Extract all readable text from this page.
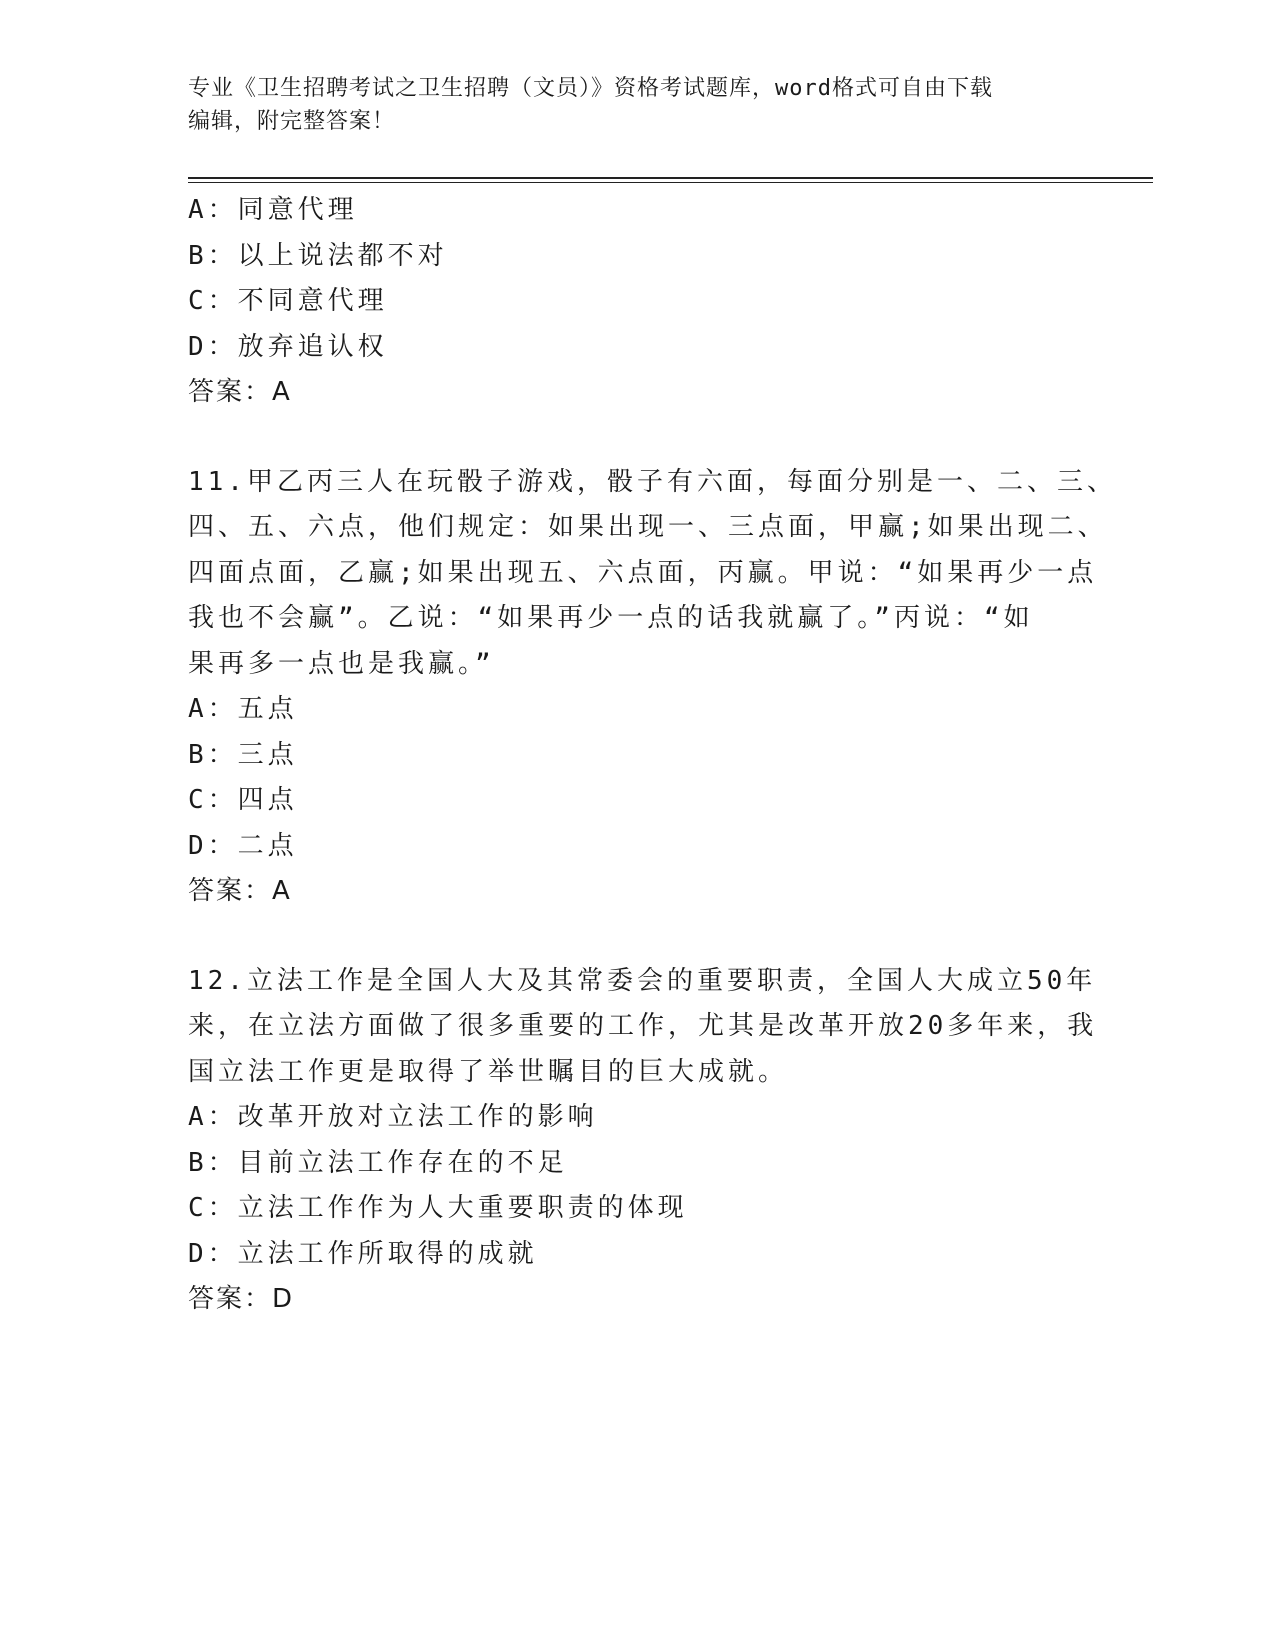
专业《卫生招聘考试之卫生招聘（文员）》资格考试题库，word格式可自由下载
编辑，附完整答案！
A：同意代理
B：以上说法都不对
C：不同意代理
D：放弃追认权
答案：A
11.甲乙丙三人在玩骰子游戏，骰子有六面，每面分别是一、二、三、
四、五、六点，他们规定：如果出现一、三点面，甲赢;如果出现二、
四面点面，乙赢;如果出现五、六点面，丙赢。甲说：“如果再少一点
我也不会赢”。乙说：“如果再少一点的话我就赢了。”丙说：“如
果再多一点也是我赢。”
A：五点
B：三点
C：四点
D：二点
答案：A
12.立法工作是全国人大及其常委会的重要职责，全国人大成立50年
来，在立法方面做了很多重要的工作，尤其是改革开放20多年来，我
国立法工作更是取得了举世瞩目的巨大成就。
A：改革开放对立法工作的影响
B：目前立法工作存在的不足
C：立法工作作为人大重要职责的体现
D：立法工作所取得的成就
答案：D
